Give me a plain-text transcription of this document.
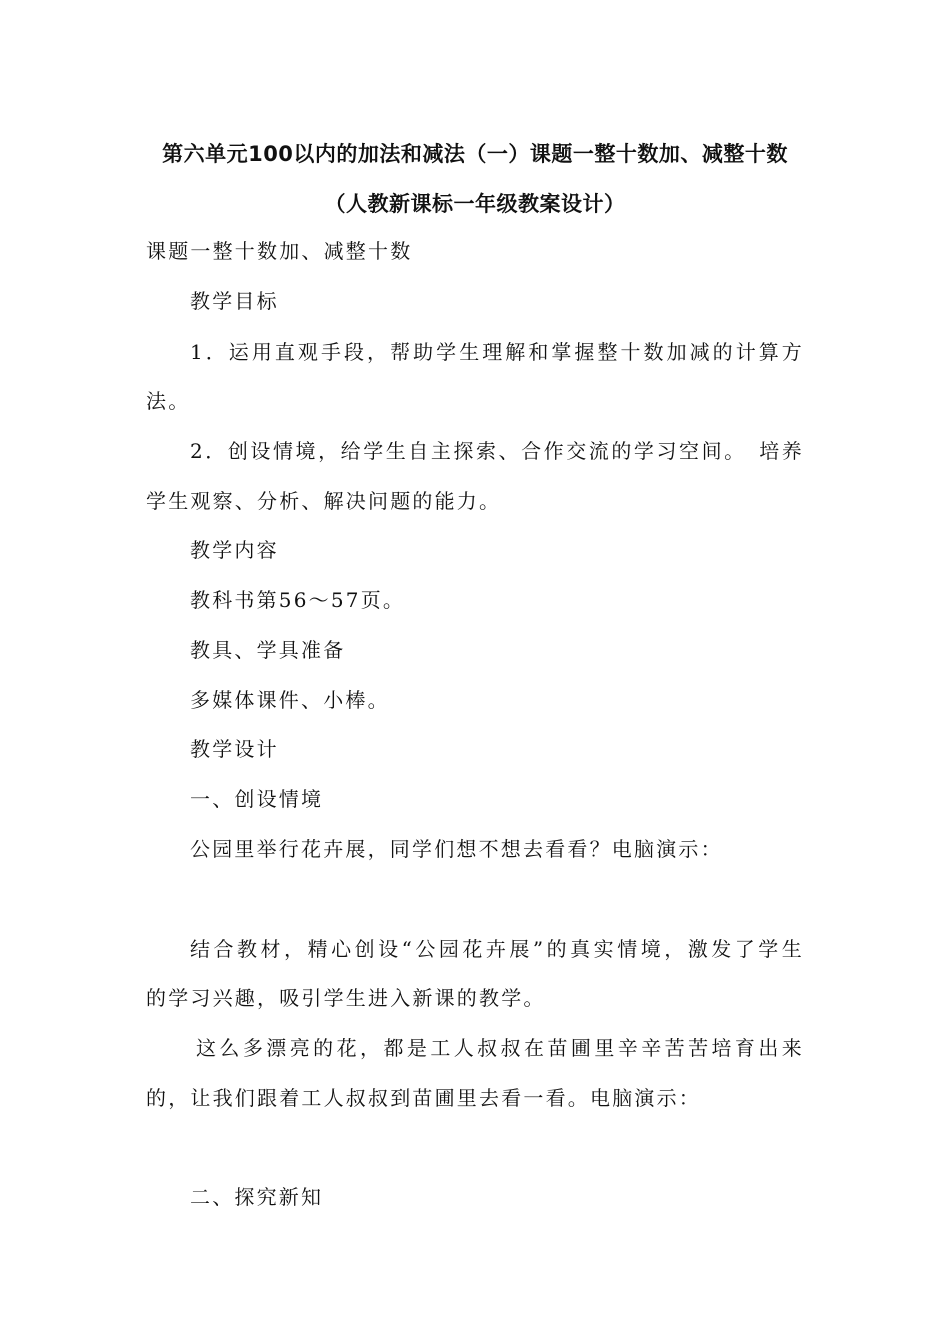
第六单元100以内的加法和减法（一）课题一整十数加、减整十数
（人教新课标一年级教案设计）
课题一整十数加、减整十数
教学目标
1．运用直观手段，帮助学生理解和掌握整十数加减的计算方
法。
2．创设情境，给学生自主探索、合作交流的学习空间。　培养
学生观察、分析、解决问题的能力。
教学内容
教科书第56～57页。
教具、学具准备
多媒体课件、小棒。
教学设计
一、创设情境
公园里举行花卉展，同学们想不想去看看？电脑演示：
结合教材，精心创设“公园花卉展”的真实情境，激发了学生
的学习兴趣，吸引学生进入新课的教学。
这么多漂亮的花，都是工人叔叔在苗圃里辛辛苦苦培育出来
的，让我们跟着工人叔叔到苗圃里去看一看。电脑演示：
二、探究新知
